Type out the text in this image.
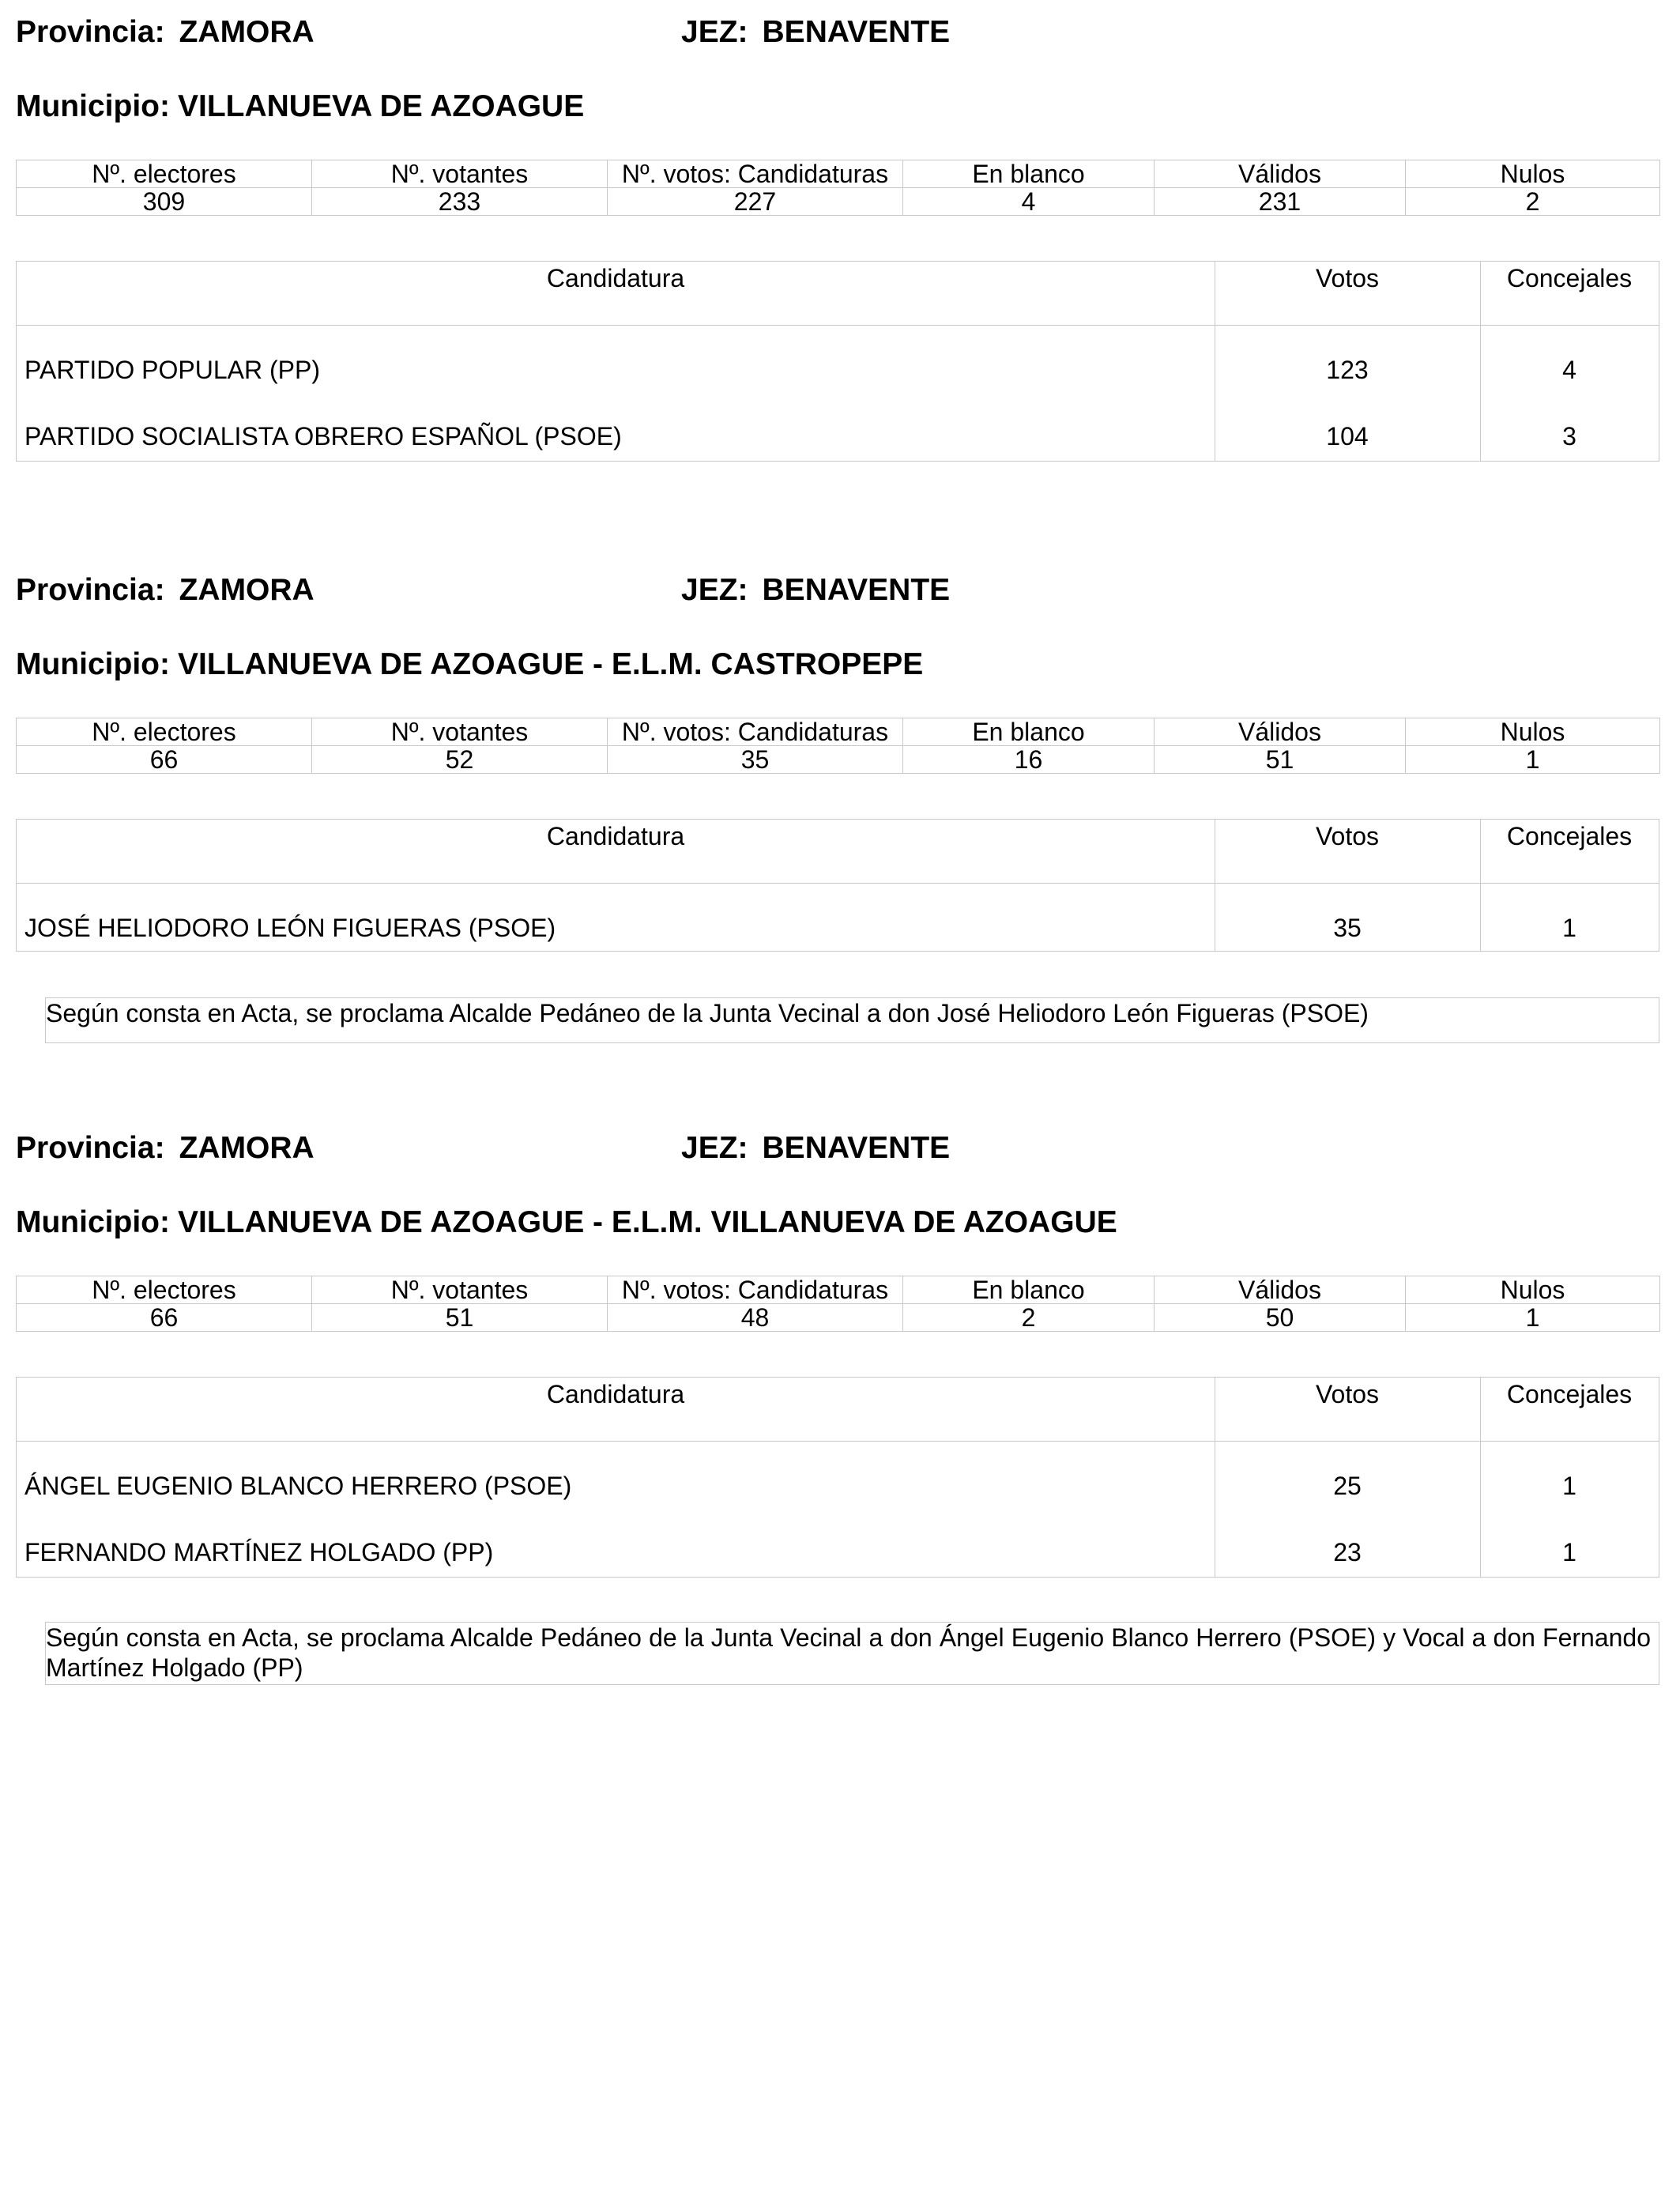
Provincia: ZAMORA	JEZ: BENAVENTE
Municipio: VILLANUEVA DE AZOAGUE
Nº. electores	Nº. votantes	Nº. votos: Candidaturas	En blanco	Válidos	Nulos
309	233	227	4	231	2
Candidatura	Votos	Concejales
PARTIDO POPULAR (PP)	123	4
PARTIDO SOCIALISTA OBRERO ESPAÑOL (PSOE)	104	3
Provincia: ZAMORA	JEZ: BENAVENTE
Municipio: VILLANUEVA DE AZOAGUE - E.L.M. CASTROPEPE
Nº. electores	Nº. votantes	Nº. votos: Candidaturas	En blanco	Válidos	Nulos
66	52	35	16	51	1
Candidatura	Votos	Concejales
JOSÉ HELIODORO LEÓN FIGUERAS (PSOE)	35	1
Según consta en Acta, se proclama Alcalde Pedáneo de la Junta Vecinal a don José Heliodoro León Figueras (PSOE)
Provincia: ZAMORA	JEZ: BENAVENTE
Municipio: VILLANUEVA DE AZOAGUE - E.L.M. VILLANUEVA DE AZOAGUE
Nº. electores	Nº. votantes	Nº. votos: Candidaturas	En blanco	Válidos	Nulos
66	51	48	2	50	1
Candidatura	Votos	Concejales
ÁNGEL EUGENIO BLANCO HERRERO (PSOE)	25	1
FERNANDO MARTÍNEZ HOLGADO (PP)	23	1
Según consta en Acta, se proclama Alcalde Pedáneo de la Junta Vecinal a don Ángel Eugenio Blanco Herrero (PSOE) y Vocal a don Fernando Martínez Holgado (PP)
